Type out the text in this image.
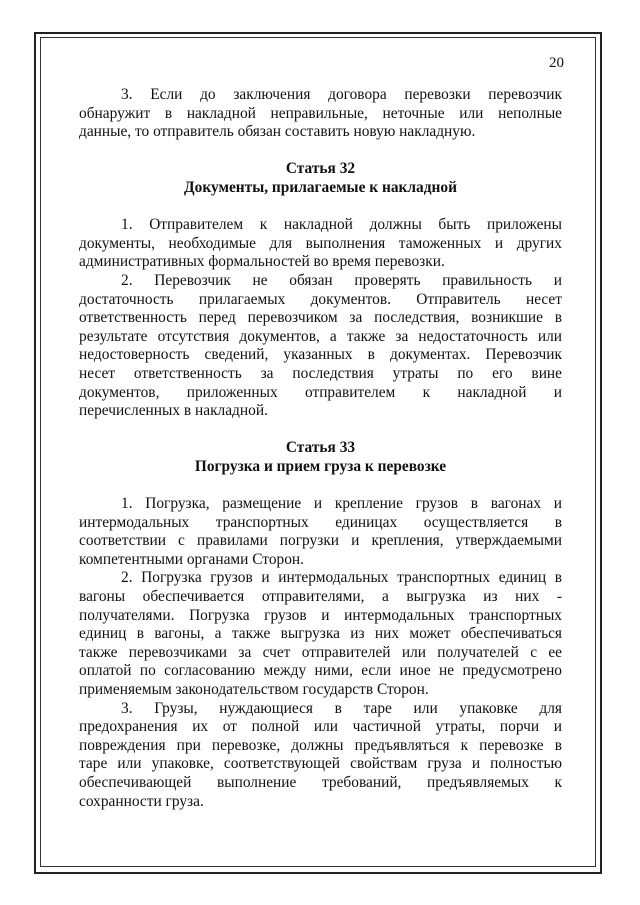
20
3. Если до заключения договора перевозки перевозчик
обнаружит в накладной неправильные, неточные или неполные
данные, то отправитель обязан составить новую накладную.
Статья 32
Документы, прилагаемые к накладной
1. Отправителем к накладной должны быть приложены
документы, необходимые для выполнения таможенных и других
административных формальностей во время перевозки.
2. Перевозчик не обязан проверять правильность и
достаточность прилагаемых документов. Отправитель несет
ответственность перед перевозчиком за последствия, возникшие в
результате отсутствия документов, а также за недостаточность или
недостоверность сведений, указанных в документах. Перевозчик
несет ответственность за последствия утраты по его вине
документов, приложенных отправителем к накладной и
перечисленных в накладной.
Статья 33
Погрузка и прием груза к перевозке
1. Погрузка, размещение и крепление грузов в вагонах и
интермодальных транспортных единицах осуществляется в
соответствии с правилами погрузки и крепления, утверждаемыми
компетентными органами Сторон.
2. Погрузка грузов и интермодальных транспортных единиц в
вагоны обеспечивается отправителями, а выгрузка из них -
получателями. Погрузка грузов и интермодальных транспортных
единиц в вагоны, а также выгрузка из них может обеспечиваться
также перевозчиками за счет отправителей или получателей с ее
оплатой по согласованию между ними, если иное не предусмотрено
применяемым законодательством государств Сторон.
3. Грузы, нуждающиеся в таре или упаковке для
предохранения их от полной или частичной утраты, порчи и
повреждения при перевозке, должны предъявляться к перевозке в
таре или упаковке, соответствующей свойствам груза и полностью
обеспечивающей выполнение требований, предъявляемых к
сохранности груза.
